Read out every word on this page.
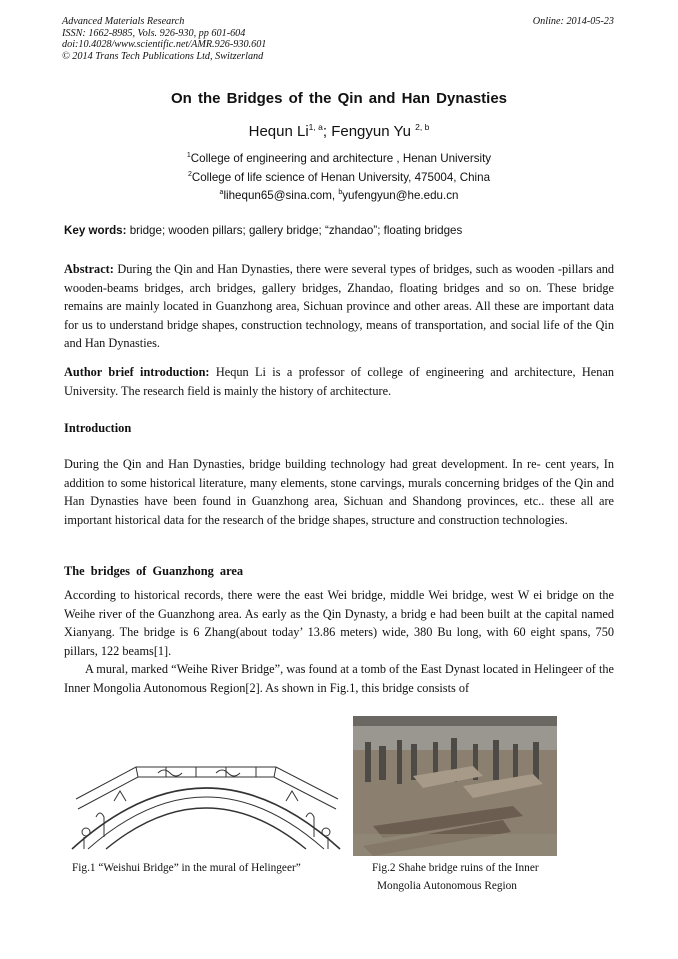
Advanced Materials Research
ISSN: 1662-8985, Vols. 926-930, pp 601-604
doi:10.4028/www.scientific.net/AMR.926-930.601
© 2014 Trans Tech Publications Ltd, Switzerland
Online: 2014-05-23
On the Bridges of the Qin and Han Dynasties
Hequn Li$^{1, a}$; Fengyun Yu $^{2, b}$
$^1$College of engineering and architecture , Henan University
$^2$College of life science of Henan University, 475004, China
$^a$lihequn65@sina.com, $^b$yufengyun@he.edu.cn
Key words: bridge; wooden pillars; gallery bridge; “zhandao”; floating bridges

Abstract: During the Qin and Han Dynasties, there were several types of bridges, such as wooden -pillars and wooden-beams bridges, arch bridges, gallery bridges, Zhandao, floating bridges and so on. These bridge remains are mainly located in Guanzhong area, Sichuan province and other areas. All these are important data for us to understand bridge shapes, construction technology, means of transportation, and social life of the Qin and Han Dynasties.

Author brief introduction: Hequn Li is a professor of college of engineering and architecture, Henan University. The research field is mainly the history of architecture.

Introduction

During the Qin and Han Dynasties, bridge building technology had great development. In re- cent years, In addition to some historical literature, many elements, stone carvings, murals concerning bridges of the Qin and Han Dynasties have been found in Guanzhong area, Sichuan and Shandong provinces, etc.. these all are important historical data for the research of the bridge shapes, structure and construction technologies.

The bridges of Guanzhong area

According to historical records, there were the east Wei bridge, middle Wei bridge, west W ei bridge on the Weihe river of the Guanzhong area. As early as the Qin Dynasty, a bridg e had been built at the capital named Xianyang. The bridge is 6 Zhang(about today’ 13.86 meters) wide, 380 Bu long, with 60 eight spans, 750 pillars, 122 beams[1].

A mural, marked “Weihe River Bridge”, was found at a tomb of the East Dynast located in Helingeer of the Inner Mongolia Autonomous Region[2]. As shown in Fig.1, this bridge consists of

Fig.1 “Weishui Bridge” in the mural of Helingeer”	Fig.2 Shahe bridge ruins of the Inner
Mongolia Autonomous Region
